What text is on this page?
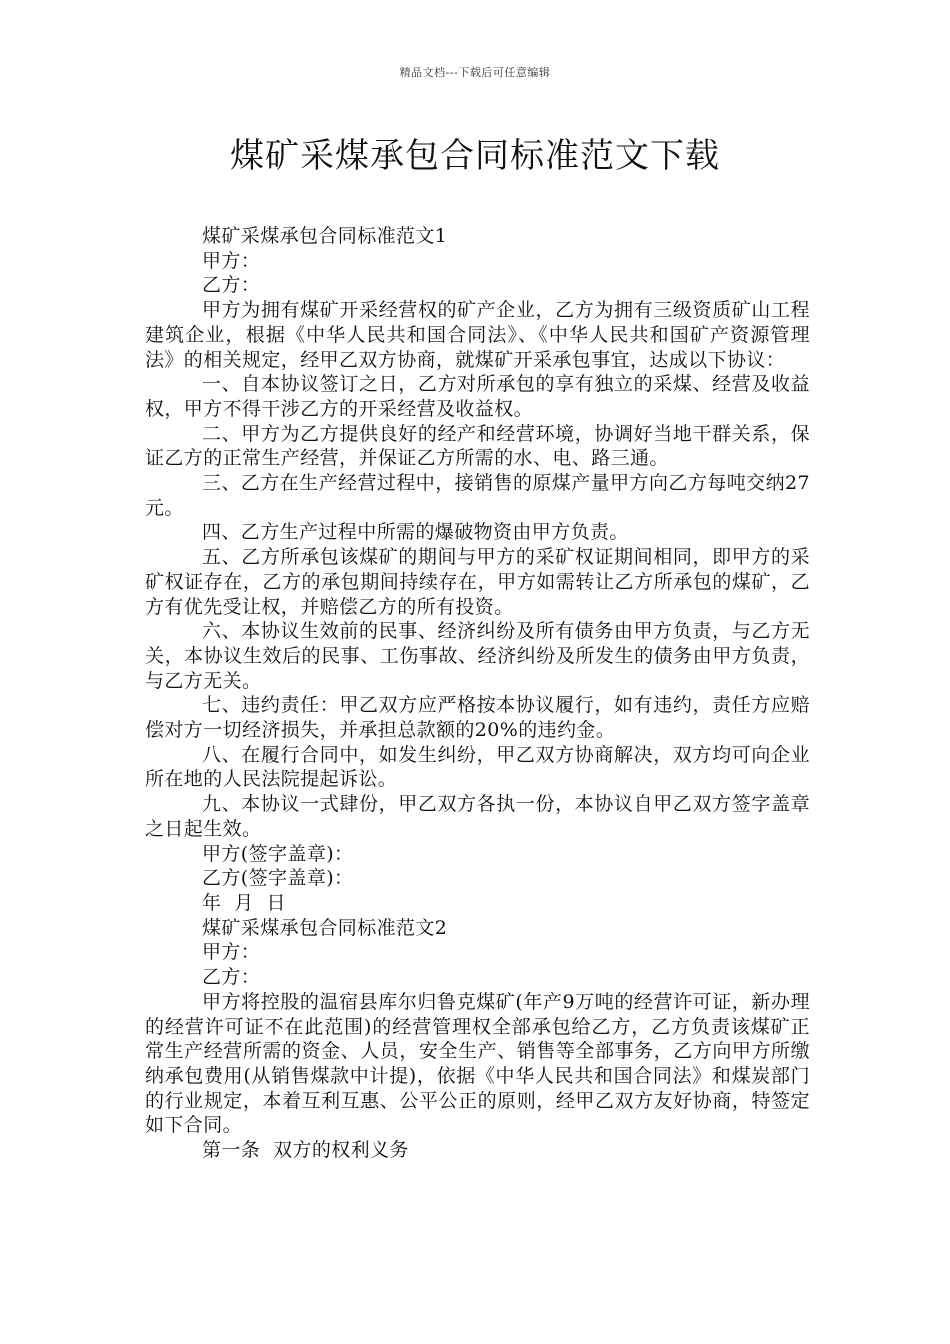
精品文档---下载后可任意编辑
煤矿采煤承包合同标准范文下载

煤矿采煤承包合同标准范文1

甲方：

乙方：

甲方为拥有煤矿开采经营权的矿产企业，乙方为拥有三级资质矿山工程建筑企业，根据《中华人民共和国合同法》、《中华人民共和国矿产资源管理法》的相关规定，经甲乙双方协商，就煤矿开采承包事宜，达成以下协议：

一、自本协议签订之日，乙方对所承包的享有独立的采煤、经营及收益权，甲方不得干涉乙方的开采经营及收益权。

二、甲方为乙方提供良好的经产和经营环境，协调好当地干群关系，保证乙方的正常生产经营，并保证乙方所需的水、电、路三通。

三、乙方在生产经营过程中，接销售的原煤产量甲方向乙方每吨交纳27元。

四、乙方生产过程中所需的爆破物资由甲方负责。

五、乙方所承包该煤矿的期间与甲方的采矿权证期间相同，即甲方的采矿权证存在，乙方的承包期间持续存在，甲方如需转让乙方所承包的煤矿，乙方有优先受让权，并赔偿乙方的所有投资。

六、本协议生效前的民事、经济纠纷及所有债务由甲方负责，与乙方无关，本协议生效后的民事、工伤事故、经济纠纷及所发生的债务由甲方负责，与乙方无关。

七、违约责任：甲乙双方应严格按本协议履行，如有违约，责任方应赔偿对方一切经济损失，并承担总款额的20%的违约金。

八、在履行合同中，如发生纠纷，甲乙双方协商解决，双方均可向企业所在地的人民法院提起诉讼。

九、本协议一式肆份，甲乙双方各执一份，本协议自甲乙双方签字盖章之日起生效。

甲方(签字盖章)：

乙方(签字盖章)：

年  月  日

煤矿采煤承包合同标准范文2

甲方：

乙方：

甲方将控股的温宿县库尔归鲁克煤矿(年产9万吨的经营许可证，新办理的经营许可证不在此范围)的经营管理权全部承包给乙方，乙方负责该煤矿正常生产经营所需的资金、人员，安全生产、销售等全部事务，乙方向甲方所缴纳承包费用(从销售煤款中计提)，依据《中华人民共和国合同法》和煤炭部门的行业规定，本着互利互惠、公平公正的原则，经甲乙双方友好协商，特签定如下合同。

第一条  双方的权利义务
